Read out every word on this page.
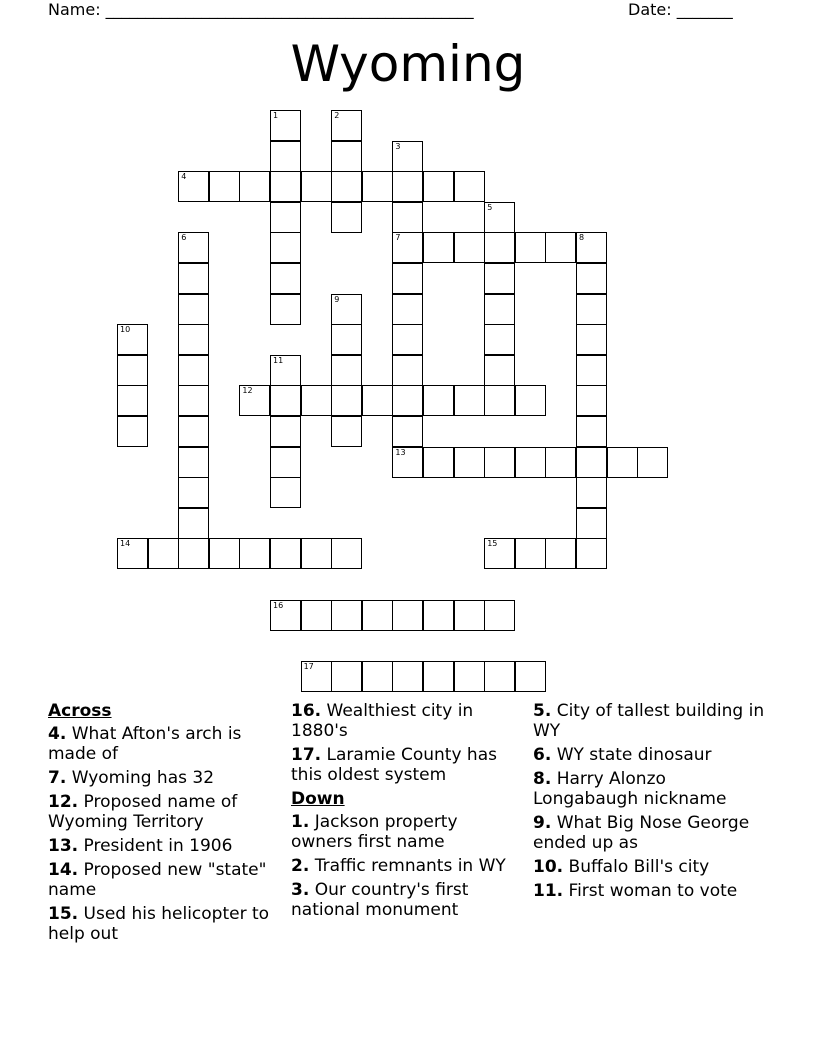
Name: ______________________________________________	Date: _______
Wyoming
1	2
3
7
4
5
6	8
9
10
11
12
13
14	15
16
17
Across
4. What Afton's arch is made of
7. Wyoming has 32
12. Proposed name of Wyoming Territory
13. President in 1906
14. Proposed new "state" name
15. Used his helicopter to help out
16. Wealthiest city in 1880's
17. Laramie County has this oldest system
Down
1. Jackson property owners first name
2. Traffic remnants in WY
3. Our country's first national monument
5. City of tallest building in WY
6. WY state dinosaur
8. Harry Alonzo Longabaugh nickname
9. What Big Nose George ended up as
10. Buffalo Bill's city
11. First woman to vote
